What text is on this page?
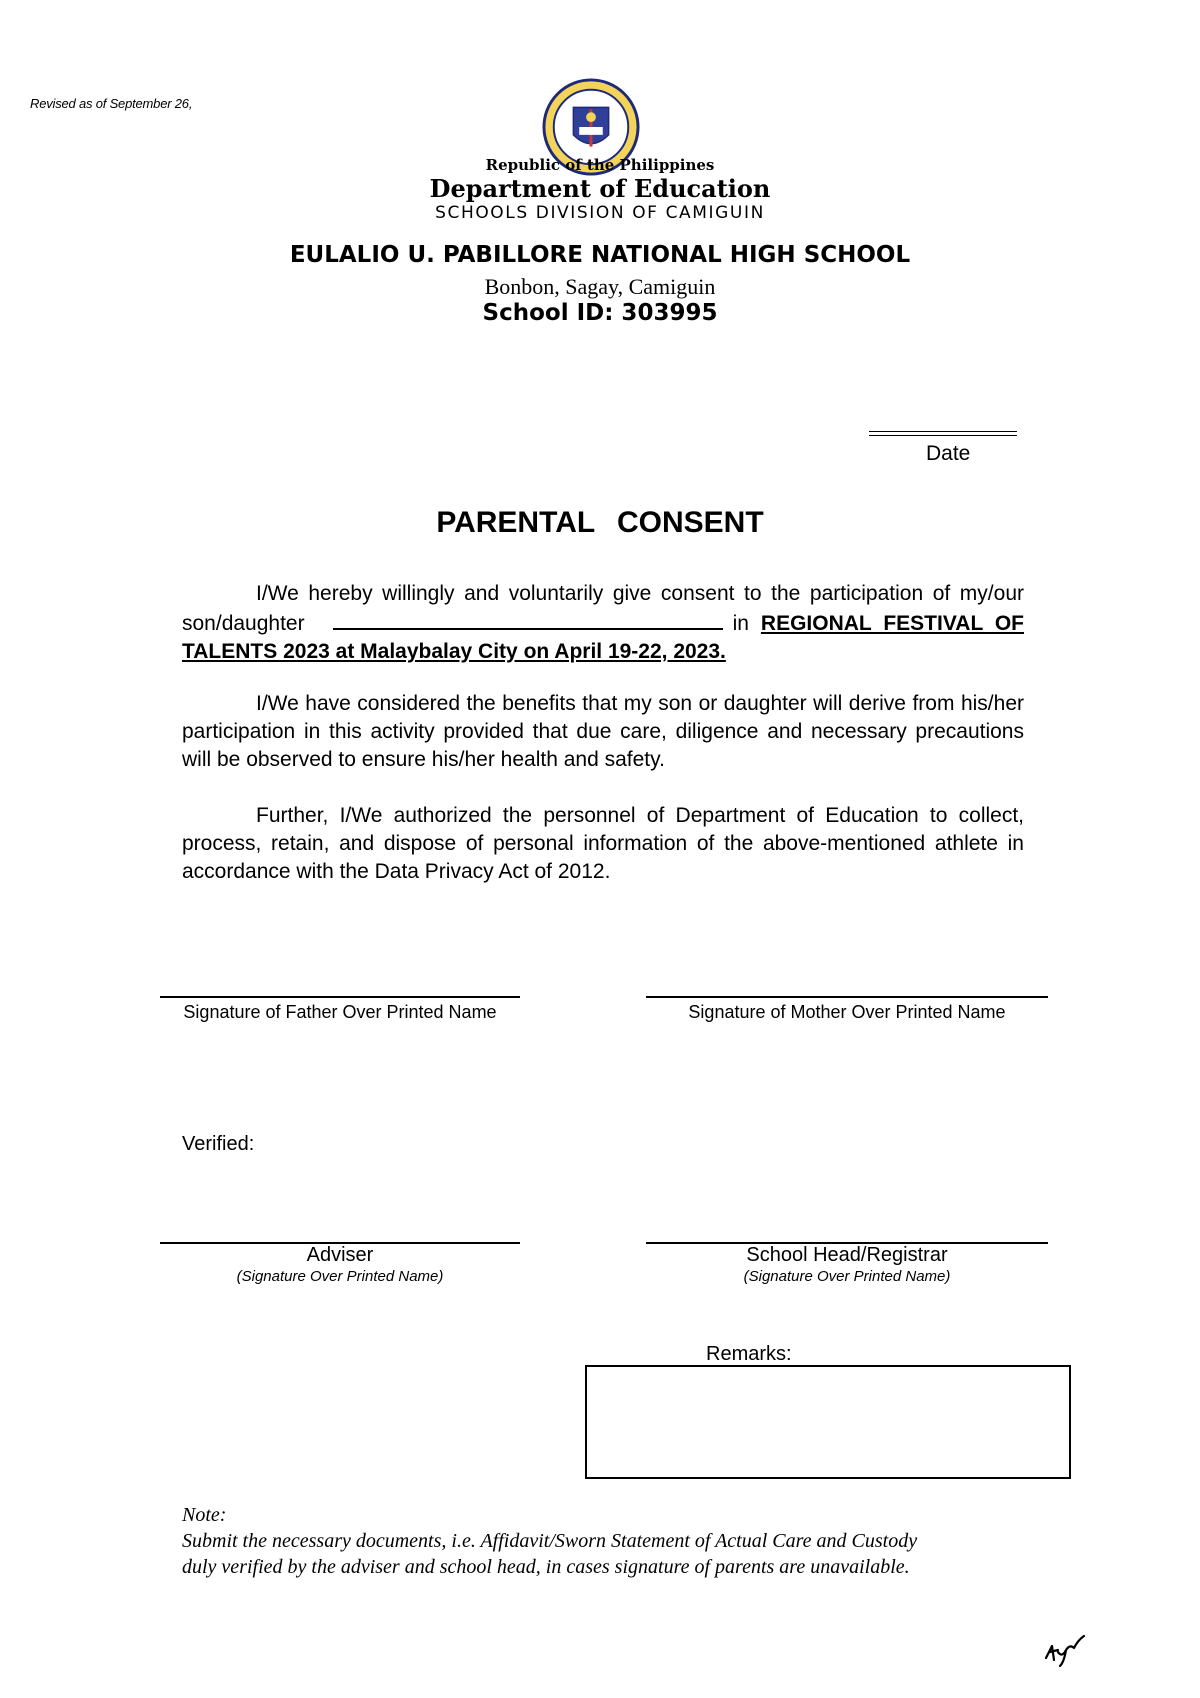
Revised as of September 26,
Republic of the Philippines
Department of Education
SCHOOLS DIVISION OF CAMIGUIN
EULALIO U. PABILLORE NATIONAL HIGH SCHOOL
Bonbon, Sagay, Camiguin
School ID: 303995
Date
PARENTAL CONSENT
I/We hereby willingly and voluntarily give consent to the participation of my/our son/daughter	in REGIONAL FESTIVAL OF TALENTS 2023 at Malaybalay City on April 19-22, 2023.
I/We have considered the benefits that my son or daughter will derive from his/her participation in this activity provided that due care, diligence and necessary precautions will be observed to ensure his/her health and safety.
Further, I/We authorized the personnel of Department of Education to collect, process, retain, and dispose of personal information of the above-mentioned athlete in accordance with the Data Privacy Act of 2012.
Signature of Father Over Printed Name	Signature of Mother Over Printed Name
Verified:
Adviser
(Signature Over Printed Name)
School Head/Registrar
(Signature Over Printed Name)
Remarks:
Note:
Submit the necessary documents, i.e. Affidavit/Sworn Statement of Actual Care and Custody
duly verified by the adviser and school head, in cases signature of parents are unavailable.
